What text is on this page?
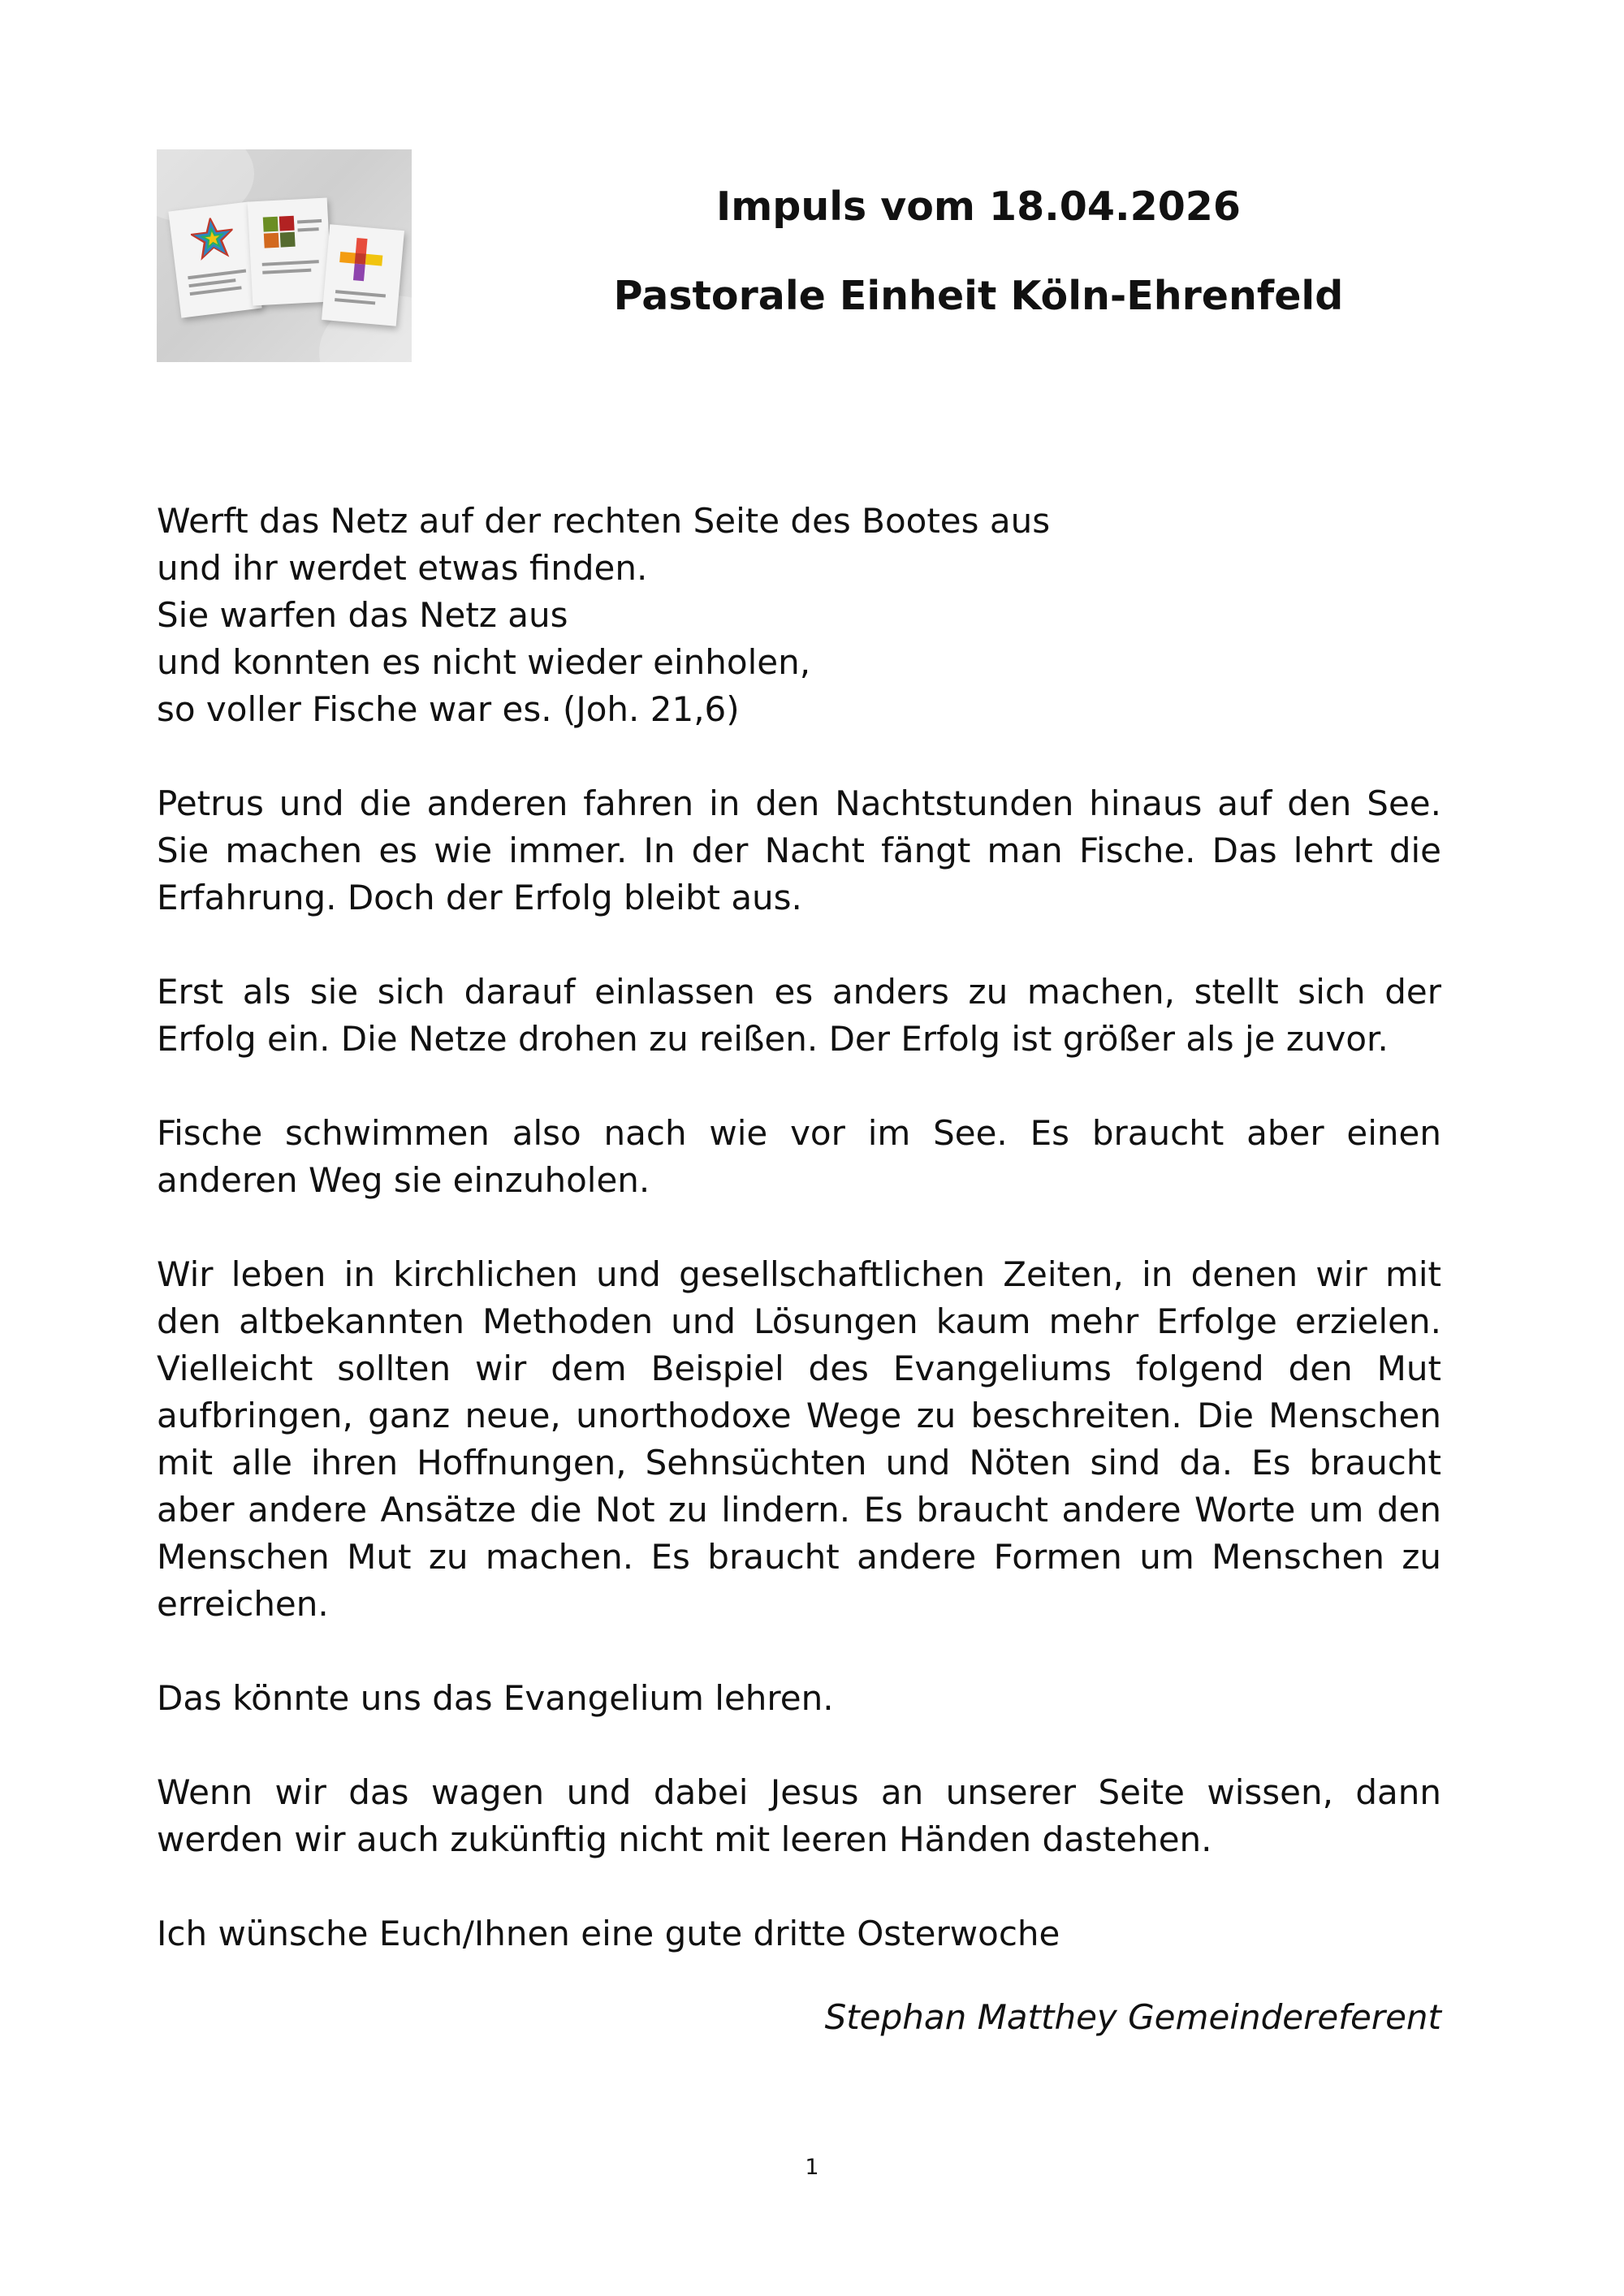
Impuls vom 18.04.2026
Pastorale Einheit Köln-Ehrenfeld

Werft das Netz auf der rechten Seite des Bootes aus
und ihr werdet etwas finden.
Sie warfen das Netz aus
und konnten es nicht wieder einholen,
so voller Fische war es. (Joh. 21,6)

Petrus und die anderen fahren in den Nachtstunden hinaus auf den See. Sie machen es wie immer. In der Nacht fängt man Fische. Das lehrt die Erfahrung. Doch der Erfolg bleibt aus.

Erst als sie sich darauf einlassen es anders zu machen, stellt sich der Erfolg ein. Die Netze drohen zu reißen. Der Erfolg ist größer als je zuvor.

Fische schwimmen also nach wie vor im See. Es braucht aber einen anderen Weg sie einzuholen.

Wir leben in kirchlichen und gesellschaftlichen Zeiten, in denen wir mit den altbekannten Methoden und Lösungen kaum mehr Erfolge erzielen. Vielleicht sollten wir dem Beispiel des Evangeliums folgend den Mut aufbringen, ganz neue, unorthodoxe Wege zu beschreiten. Die Menschen mit alle ihren Hoffnungen, Sehnsüchten und Nöten sind da. Es braucht aber andere Ansätze die Not zu lindern. Es braucht andere Worte um den Menschen Mut zu machen. Es braucht andere Formen um Menschen zu erreichen.

Das könnte uns das Evangelium lehren.

Wenn wir das wagen und dabei Jesus an unserer Seite wissen, dann werden wir auch zukünftig nicht mit leeren Händen dastehen.

Ich wünsche Euch/Ihnen eine gute dritte Osterwoche

Stephan Matthey Gemeindereferent
1
